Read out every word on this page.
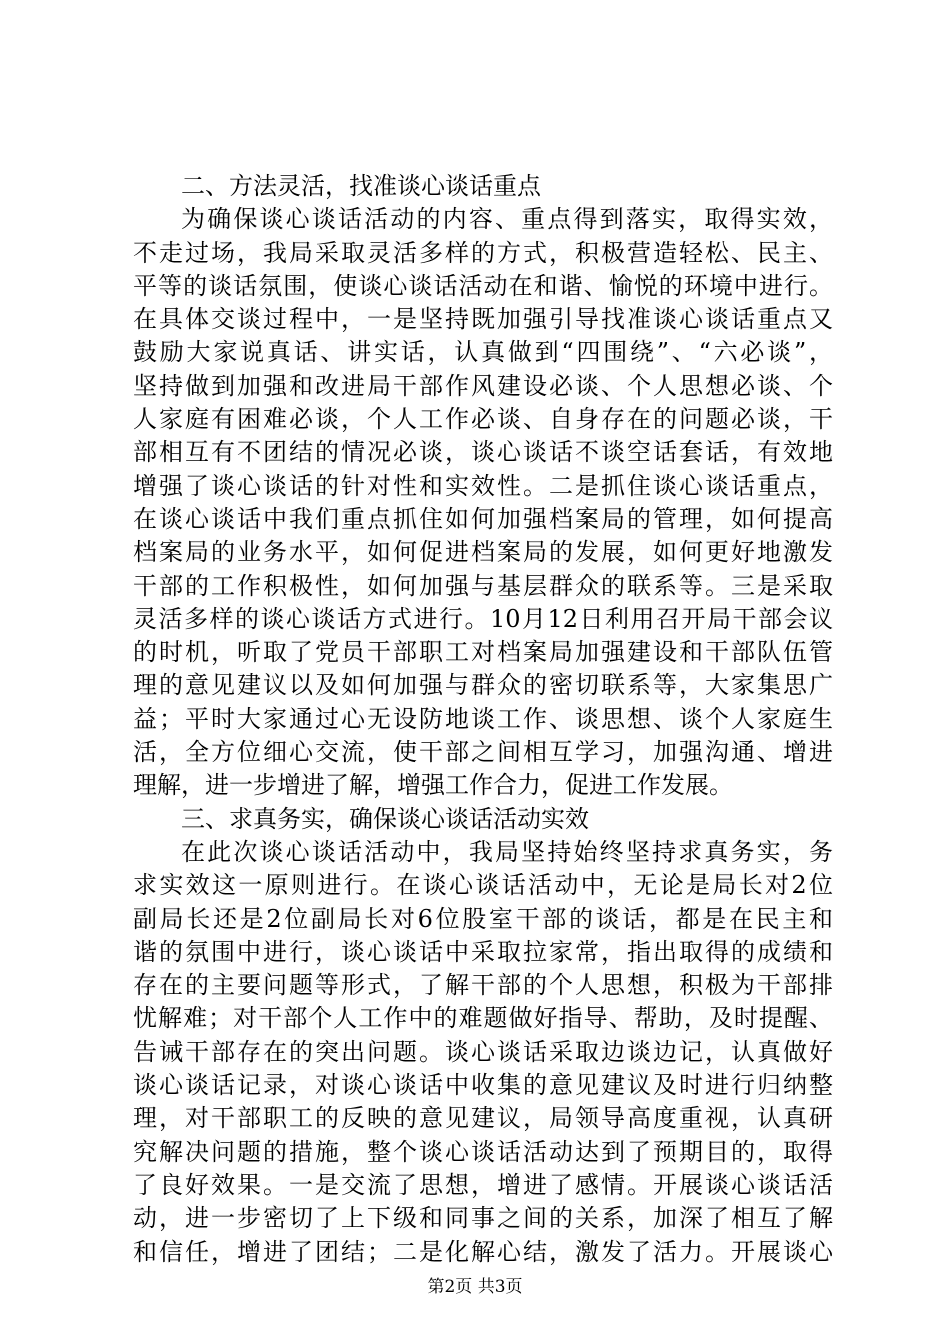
二、方法灵活，找准谈心谈话重点
为确保谈心谈话活动的内容、重点得到落实，取得实效，
不走过场，我局采取灵活多样的方式，积极营造轻松、民主、
平等的谈话氛围，使谈心谈话活动在和谐、愉悦的环境中进行。
在具体交谈过程中，一是坚持既加强引导找准谈心谈话重点又
鼓励大家说真话、讲实话，认真做到“四围绕”、“六必谈”，
坚持做到加强和改进局干部作风建设必谈、个人思想必谈、个
人家庭有困难必谈，个人工作必谈、自身存在的问题必谈，干
部相互有不团结的情况必谈，谈心谈话不谈空话套话，有效地
增强了谈心谈话的针对性和实效性。二是抓住谈心谈话重点，
在谈心谈话中我们重点抓住如何加强档案局的管理，如何提高
档案局的业务水平，如何促进档案局的发展，如何更好地激发
干部的工作积极性，如何加强与基层群众的联系等。三是采取
灵活多样的谈心谈话方式进行。10月12日利用召开局干部会议
的时机，听取了党员干部职工对档案局加强建设和干部队伍管
理的意见建议以及如何加强与群众的密切联系等，大家集思广
益；平时大家通过心无设防地谈工作、谈思想、谈个人家庭生
活，全方位细心交流，使干部之间相互学习，加强沟通、增进
理解，进一步增进了解，增强工作合力，促进工作发展。
三、求真务实，确保谈心谈话活动实效
在此次谈心谈话活动中，我局坚持始终坚持求真务实，务
求实效这一原则进行。在谈心谈话活动中，无论是局长对2位
副局长还是2位副局长对6位股室干部的谈话，都是在民主和
谐的氛围中进行，谈心谈话中采取拉家常，指出取得的成绩和
存在的主要问题等形式，了解干部的个人思想，积极为干部排
忧解难；对干部个人工作中的难题做好指导、帮助，及时提醒、
告诫干部存在的突出问题。谈心谈话采取边谈边记，认真做好
谈心谈话记录，对谈心谈话中收集的意见建议及时进行归纳整
理，对干部职工的反映的意见建议，局领导高度重视，认真研
究解决问题的措施，整个谈心谈话活动达到了预期目的，取得
了良好效果。一是交流了思想，增进了感情。开展谈心谈话活
动，进一步密切了上下级和同事之间的关系，加深了相互了解
和信任，增进了团结；二是化解心结，激发了活力。开展谈心
第2页 共3页
